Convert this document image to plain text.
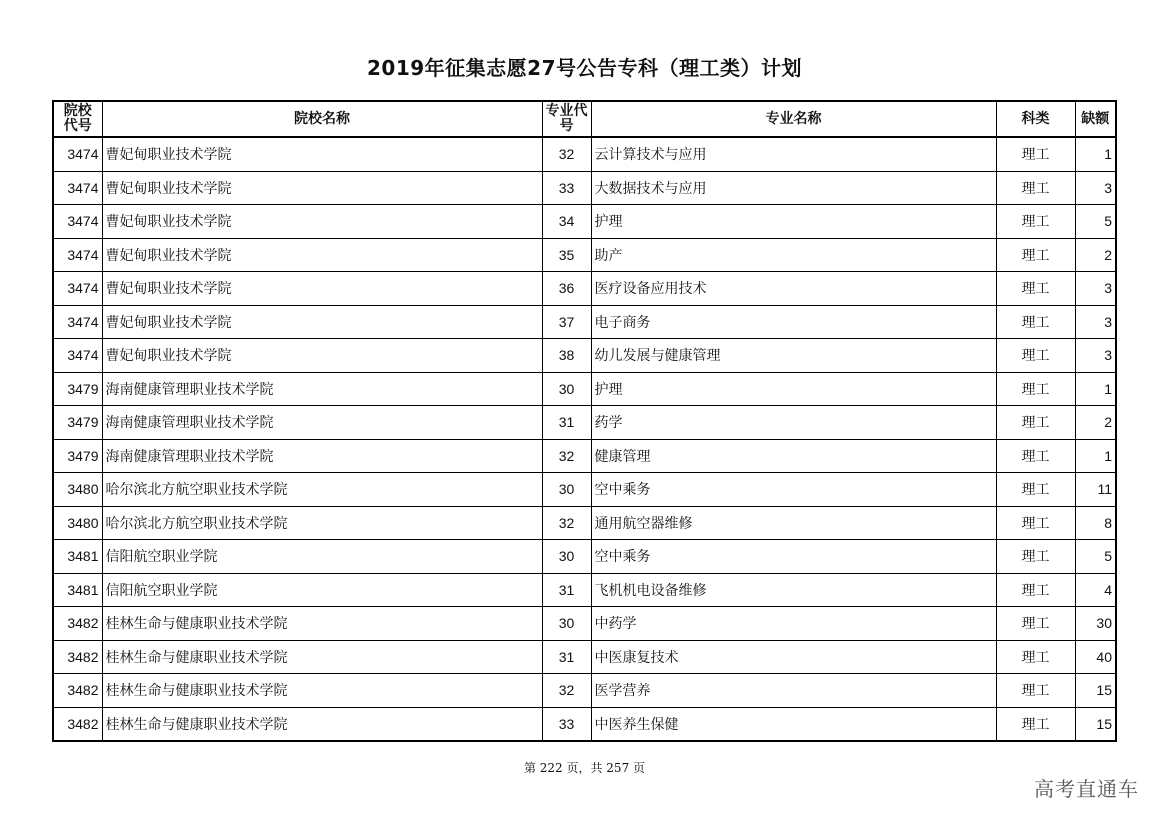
2019年征集志愿27号公告专科（理工类）计划
院校代号	院校名称	专业代号	专业名称	科类	缺额
3474	曹妃甸职业技术学院	32	云计算技术与应用	理工	1
3474	曹妃甸职业技术学院	33	大数据技术与应用	理工	3
3474	曹妃甸职业技术学院	34	护理	理工	5
3474	曹妃甸职业技术学院	35	助产	理工	2
3474	曹妃甸职业技术学院	36	医疗设备应用技术	理工	3
3474	曹妃甸职业技术学院	37	电子商务	理工	3
3474	曹妃甸职业技术学院	38	幼儿发展与健康管理	理工	3
3479	海南健康管理职业技术学院	30	护理	理工	1
3479	海南健康管理职业技术学院	31	药学	理工	2
3479	海南健康管理职业技术学院	32	健康管理	理工	1
3480	哈尔滨北方航空职业技术学院	30	空中乘务	理工	11
3480	哈尔滨北方航空职业技术学院	32	通用航空器维修	理工	8
3481	信阳航空职业学院	30	空中乘务	理工	5
3481	信阳航空职业学院	31	飞机机电设备维修	理工	4
3482	桂林生命与健康职业技术学院	30	中药学	理工	30
3482	桂林生命与健康职业技术学院	31	中医康复技术	理工	40
3482	桂林生命与健康职业技术学院	32	医学营养	理工	15
3482	桂林生命与健康职业技术学院	33	中医养生保健	理工	15
第 222 页，共 257 页
高考直通车
